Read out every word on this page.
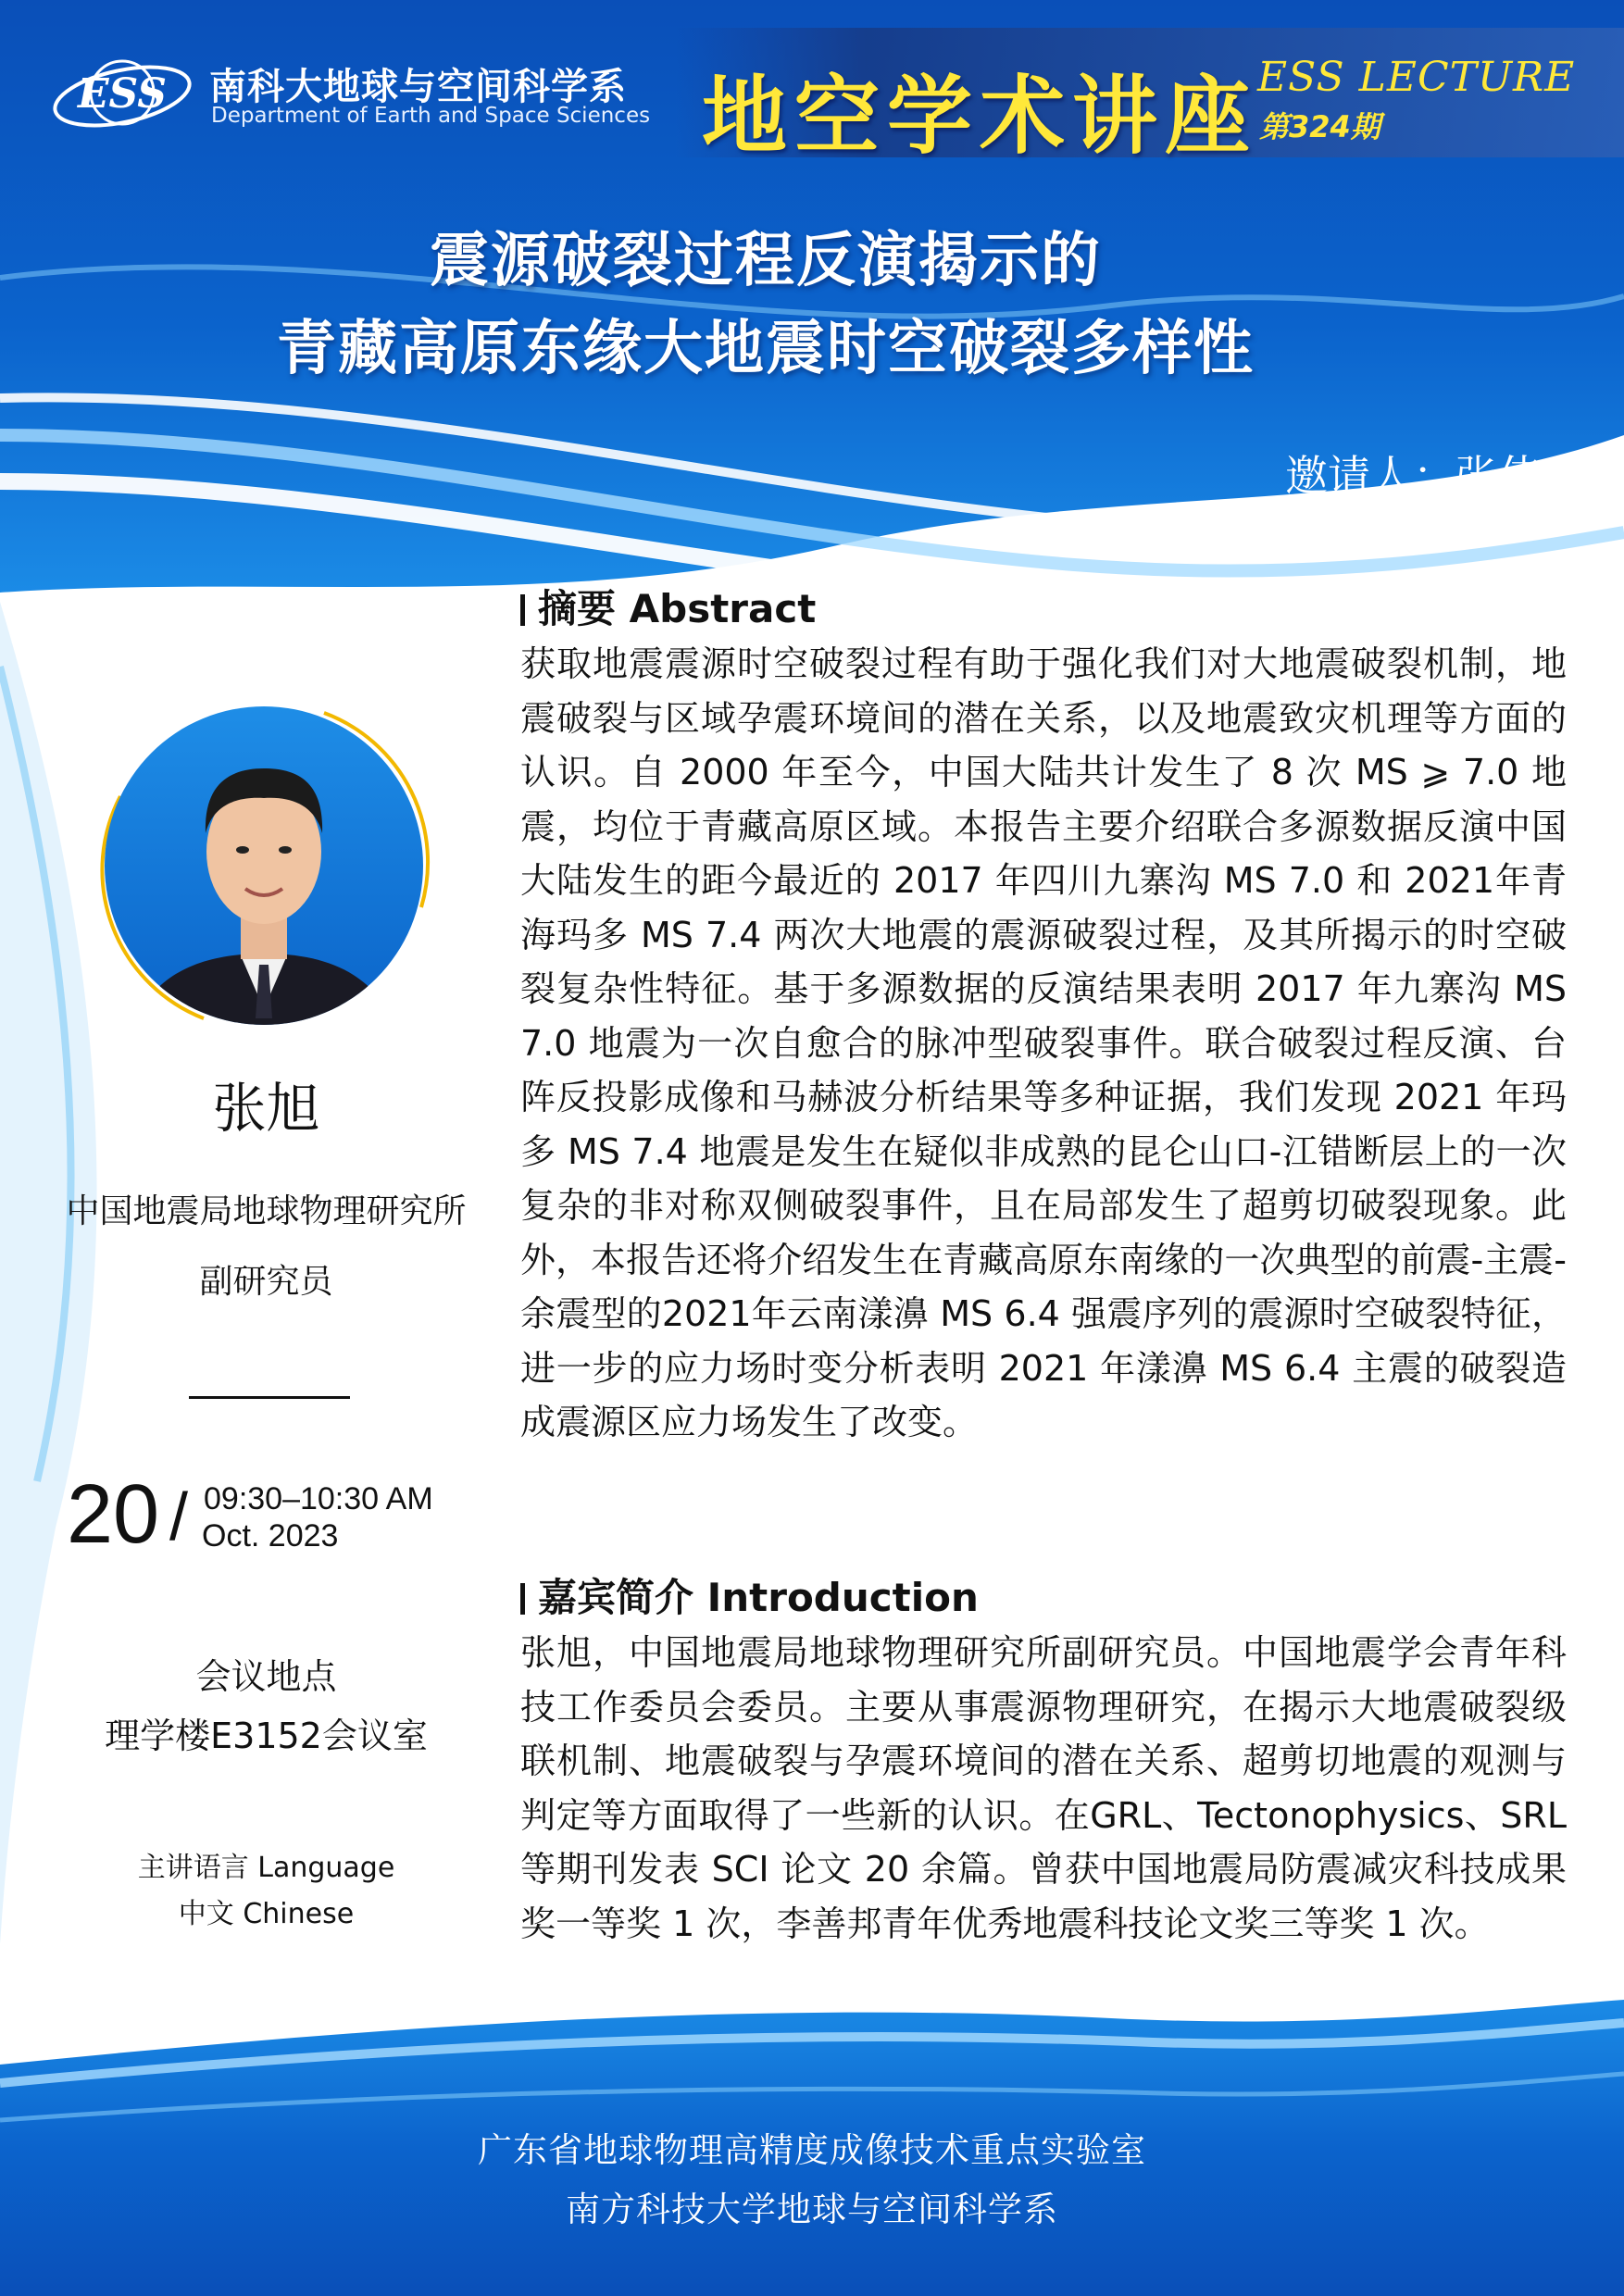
ESS 南科大地球与空间科学系
Department of Earth and Space Sciences 地空学术讲座 ESS LECTURE
第324期
震源破裂过程反演揭示的
青藏高原东缘大地震时空破裂多样性
邀请人：张伟
张旭
中国地震局地球物理研究所
副研究员
20 / 09:30–10:30 AM
Oct. 2023
会议地点
理学楼E3152会议室
主讲语言 Language
中文 Chinese

摘要 Abstract

获取地震震源时空破裂过程有助于强化我们对大地震破裂机制，地震破裂与区域孕震环境间的潜在关系，以及地震致灾机理等方面的认识。自 2000 年至今，中国大陆共计发生了 8 次 MS ⩾ 7.0 地震，均位于青藏高原区域。本报告主要介绍联合多源数据反演中国大陆发生的距今最近的 2017 年四川九寨沟 MS 7.0 和 2021年青海玛多 MS 7.4 两次大地震的震源破裂过程，及其所揭示的时空破裂复杂性特征。基于多源数据的反演结果表明 2017 年九寨沟 MS 7.0 地震为一次自愈合的脉冲型破裂事件。联合破裂过程反演、台阵反投影成像和马赫波分析结果等多种证据，我们发现 2021 年玛多 MS 7.4 地震是发生在疑似非成熟的昆仑山口-江错断层上的一次复杂的非对称双侧破裂事件，且在局部发生了超剪切破裂现象。此外，本报告还将介绍发生在青藏高原东南缘的一次典型的前震-主震-余震型的2021年云南漾濞 MS 6.4 强震序列的震源时空破裂特征，进一步的应力场时变分析表明 2021 年漾濞 MS 6.4 主震的破裂造成震源区应力场发生了改变。

嘉宾简介 Introduction

张旭，中国地震局地球物理研究所副研究员。中国地震学会青年科技工作委员会委员。主要从事震源物理研究，在揭示大地震破裂级联机制、地震破裂与孕震环境间的潜在关系、超剪切地震的观测与判定等方面取得了一些新的认识。在GRL、Tectonophysics、SRL 等期刊发表 SCI 论文 20 余篇。曾获中国地震局防震减灾科技成果奖一等奖 1 次，李善邦青年优秀地震科技论文奖三等奖 1 次。

广东省地球物理高精度成像技术重点实验室
南方科技大学地球与空间科学系
